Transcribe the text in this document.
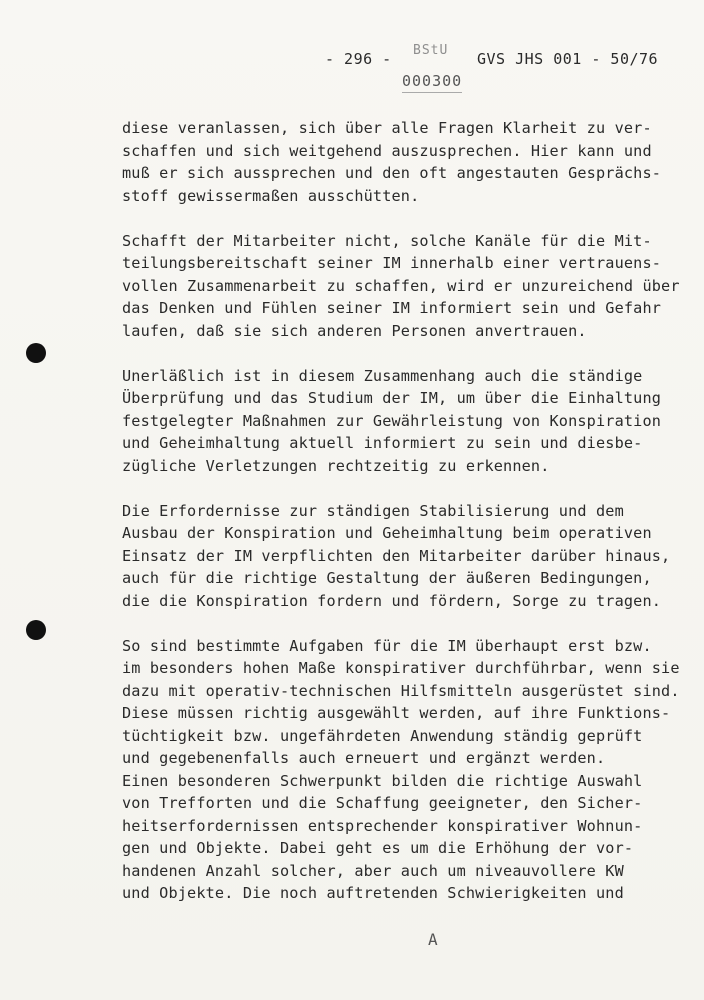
- 296 - BStU
000300
GVS JHS 001 - 50/76

diese veranlassen, sich über alle Fragen Klarheit zu ver-
schaffen und sich weitgehend auszusprechen. Hier kann und
muß er sich aussprechen und den oft angestauten Gesprächs-
stoff gewissermaßen ausschütten.

Schafft der Mitarbeiter nicht, solche Kanäle für die Mit-
teilungsbereitschaft seiner IM innerhalb einer vertrauens-
vollen Zusammenarbeit zu schaffen, wird er unzureichend über
das Denken und Fühlen seiner IM informiert sein und Gefahr
laufen, daß sie sich anderen Personen anvertrauen.

Unerläßlich ist in diesem Zusammenhang auch die ständige
Überprüfung und das Studium der IM, um über die Einhaltung
festgelegter Maßnahmen zur Gewährleistung von Konspiration
und Geheimhaltung aktuell informiert zu sein und diesbe-
zügliche Verletzungen rechtzeitig zu erkennen.

Die Erfordernisse zur ständigen Stabilisierung und dem
Ausbau der Konspiration und Geheimhaltung beim operativen
Einsatz der IM verpflichten den Mitarbeiter darüber hinaus,
auch für die richtige Gestaltung der äußeren Bedingungen,
die die Konspiration fordern und fördern, Sorge zu tragen.

So sind bestimmte Aufgaben für die IM überhaupt erst bzw.
im besonders hohen Maße konspirativer durchführbar, wenn sie
dazu mit operativ-technischen Hilfsmitteln ausgerüstet sind.
Diese müssen richtig ausgewählt werden, auf ihre Funktions-
tüchtigkeit bzw. ungefährdeten Anwendung ständig geprüft
und gegebenenfalls auch erneuert und ergänzt werden.
Einen besonderen Schwerpunkt bilden die richtige Auswahl
von Trefforten und die Schaffung geeigneter, den Sicher-
heitserfordernissen entsprechender konspirativer Wohnun-
gen und Objekte. Dabei geht es um die Erhöhung der vor-
handenen Anzahl solcher, aber auch um niveauvollere KW
und Objekte. Die noch auftretenden Schwierigkeiten und

A
